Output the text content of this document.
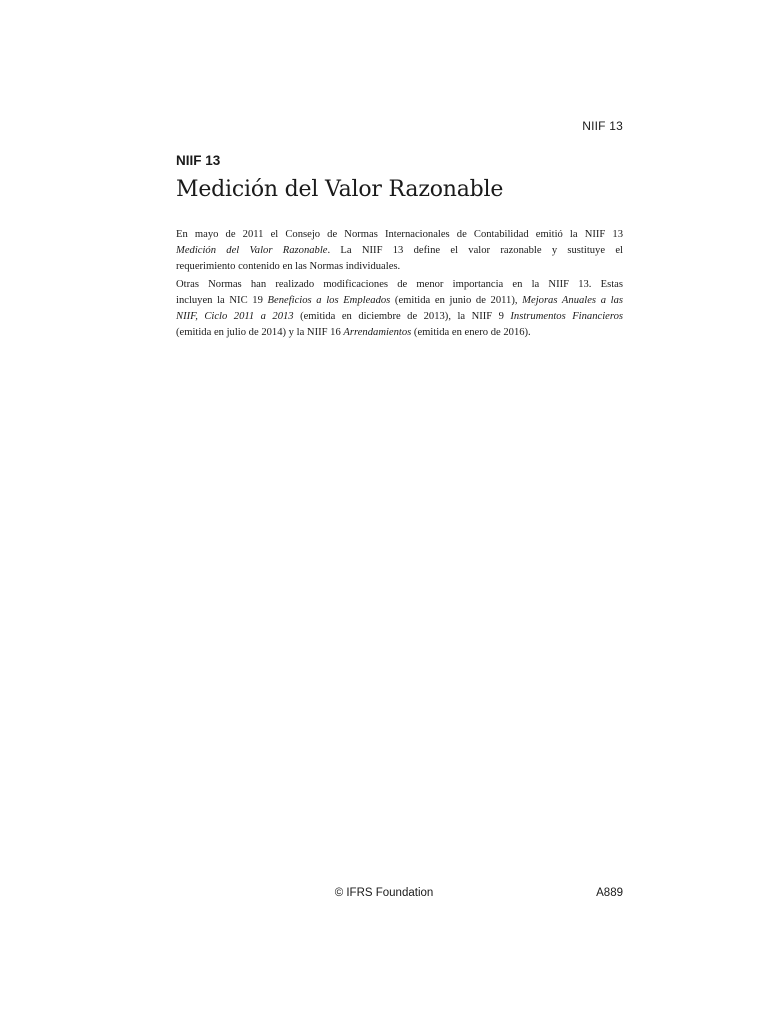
NIIF 13
NIIF 13
Medición del Valor Razonable

En mayo de 2011 el Consejo de Normas Internacionales de Contabilidad emitió la NIIF 13
Medición del Valor Razonable. La NIIF 13 define el valor razonable y sustituye el
requerimiento contenido en las Normas individuales.

Otras Normas han realizado modificaciones de menor importancia en la NIIF 13. Estas
incluyen la NIC 19 Beneficios a los Empleados (emitida en junio de 2011), Mejoras Anuales a las
NIIF, Ciclo 2011 a 2013 (emitida en diciembre de 2013), la NIIF 9 Instrumentos Financieros
(emitida en julio de 2014) y la NIIF 16 Arrendamientos (emitida en enero de 2016).

© IFRS Foundation	A889
